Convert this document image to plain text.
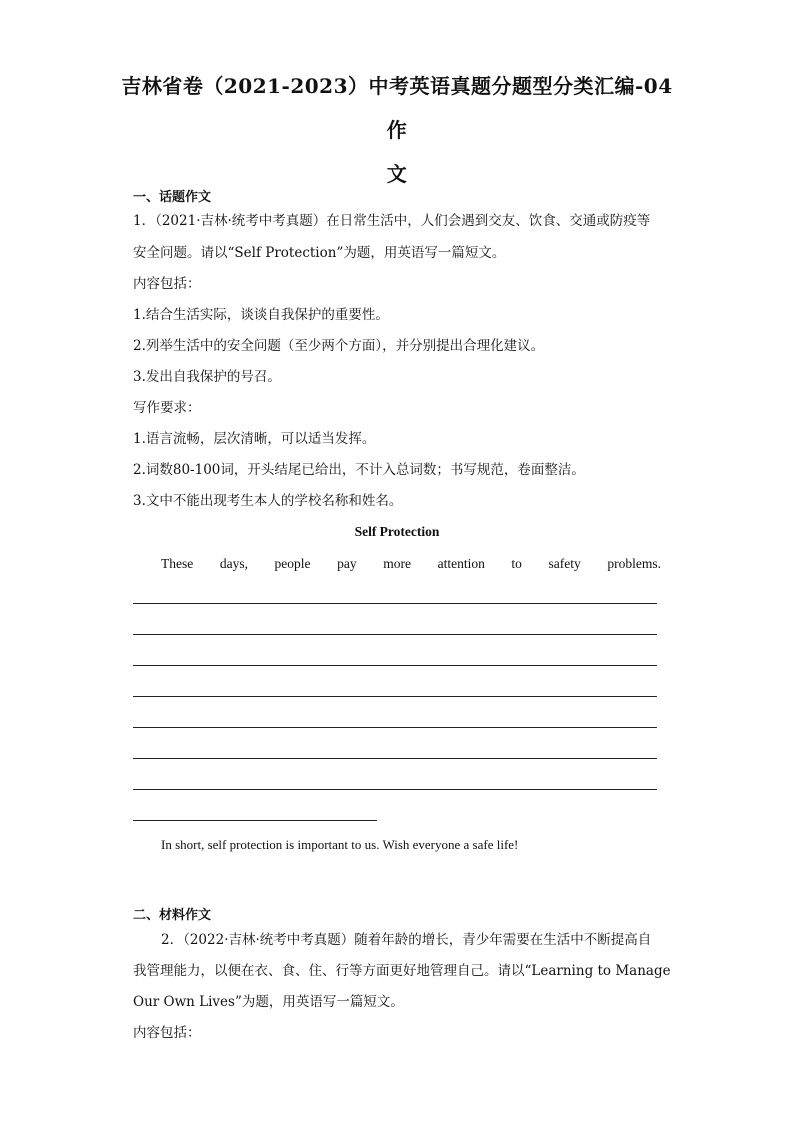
吉林省卷（2021-2023）中考英语真题分题型分类汇编-04作
文
一、话题作文
1．（2021·吉林·统考中考真题）在日常生活中，人们会遇到交友、饮食、交通或防疫等
安全问题。请以“Self Protection”为题，用英语写一篇短文。
内容包括：
1.结合生活实际，谈谈自我保护的重要性。
2.列举生活中的安全问题（至少两个方面），并分别提出合理化建议。
3.发出自我保护的号召。
写作要求：
1.语言流畅，层次清晰，可以适当发挥。
2.词数80-100词，开头结尾已给出，不计入总词数；书写规范，卷面整洁。
3.文中不能出现考生本人的学校名称和姓名。
Self Protection
These days, people pay more attention to safety problems.
In short, self protection is important to us. Wish everyone a safe life!
二、材料作文
2．（2022·吉林·统考中考真题）随着年龄的增长，青少年需要在生活中不断提高自
我管理能力，以便在衣、食、住、行等方面更好地管理自己。请以“Learning to Manage
Our Own Lives”为题，用英语写一篇短文。
内容包括：
